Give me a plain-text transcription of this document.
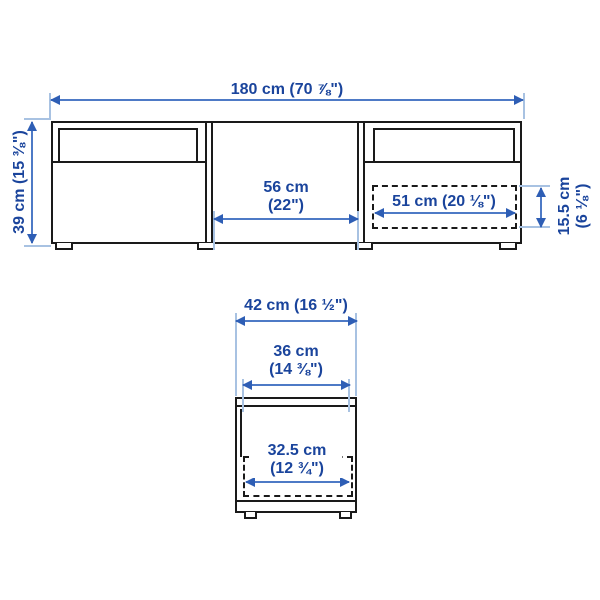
180 cm (70 ⅞")
39 cm (15 ⅜")	56 cm
(22")	51 cm (20 ⅛")	15.5 cm (6 ⅛")
42 cm (16 ½")
36 cm
(14 ⅜")
32.5 cm
(12 ¾")
